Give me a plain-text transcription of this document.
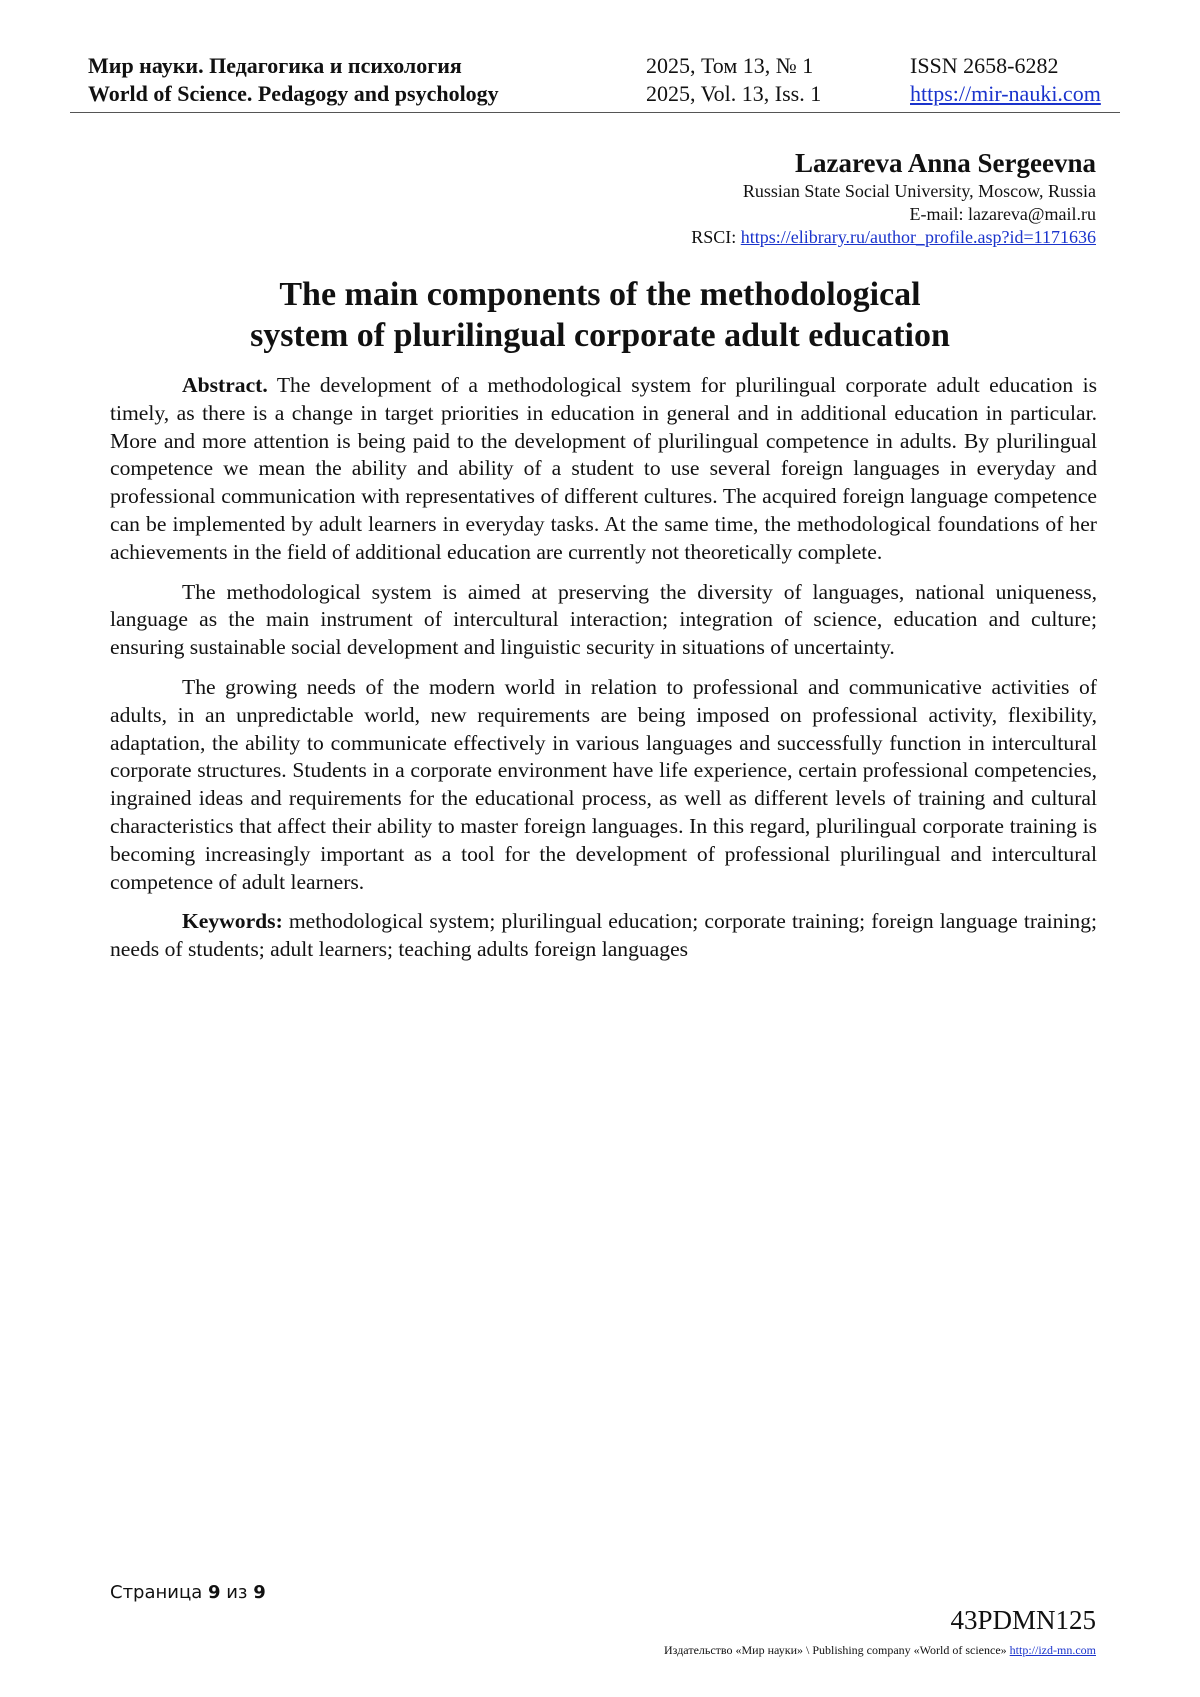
Мир науки. Педагогика и психология
World of Science. Pedagogy and psychology
2025, Том 13, № 1
2025, Vol. 13, Iss. 1
ISSN 2658-6282
https://mir-nauki.com
Lazareva Anna Sergeevna
Russian State Social University, Moscow, Russia
E-mail: lazareva@mail.ru
RSCI: https://elibrary.ru/author_profile.asp?id=1171636
The main components of the methodological
system of plurilingual corporate adult education

Abstract. The development of a methodological system for plurilingual corporate adult education is timely, as there is a change in target priorities in education in general and in additional education in particular. More and more attention is being paid to the development of plurilingual competence in adults. By plurilingual competence we mean the ability and ability of a student to use several foreign languages in everyday and professional communication with representatives of different cultures. The acquired foreign language competence can be implemented by adult learners in everyday tasks. At the same time, the methodological foundations of her achievements in the field of additional education are currently not theoretically complete.

The methodological system is aimed at preserving the diversity of languages, national uniqueness, language as the main instrument of intercultural interaction; integration of science, education and culture; ensuring sustainable social development and linguistic security in situations of uncertainty.

The growing needs of the modern world in relation to professional and communicative activities of adults, in an unpredictable world, new requirements are being imposed on professional activity, flexibility, adaptation, the ability to communicate effectively in various languages and successfully function in intercultural corporate structures. Students in a corporate environment have life experience, certain professional competencies, ingrained ideas and requirements for the educational process, as well as different levels of training and cultural characteristics that affect their ability to master foreign languages. In this regard, plurilingual corporate training is becoming increasingly important as a tool for the development of professional plurilingual and intercultural competence of adult learners.

Keywords: methodological system; plurilingual education; corporate training; foreign language training; needs of students; adult learners; teaching adults foreign languages

Страница 9 из 9
43PDMN125
Издательство «Мир науки» \ Publishing company «World of science» http://izd-mn.com
